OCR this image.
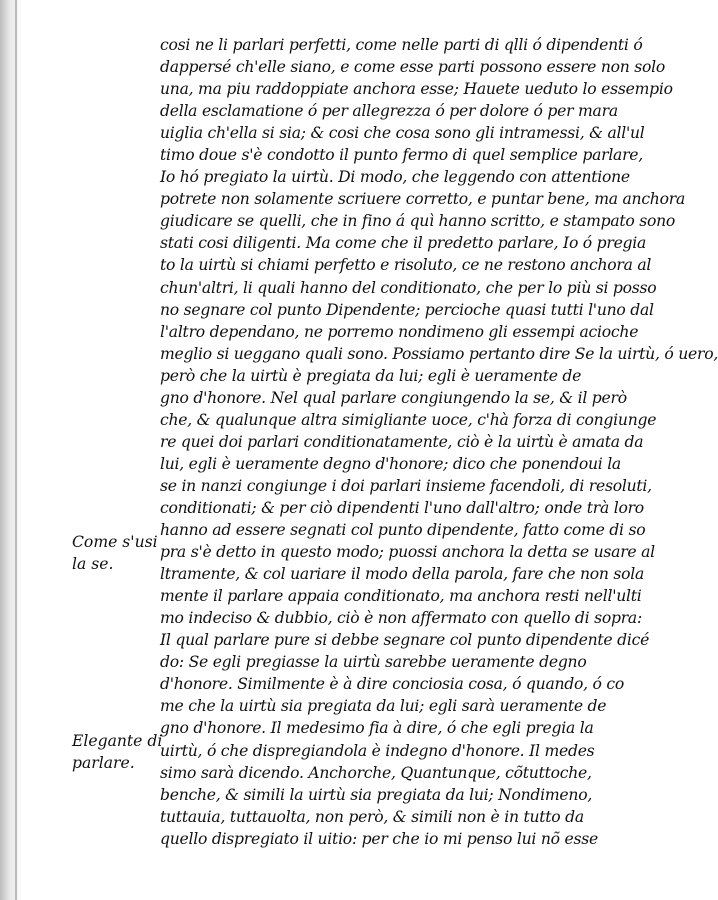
cosi ne li parlari perfetti, come nelle parti di qlli ó dipendenti ó
dappersé ch'elle siano, e come esse parti possono essere non solo
una, ma piu raddoppiate anchora esse; Hauete ueduto lo essempio
della esclamatione ó per allegrezza ó per dolore ó per mara
uiglia ch'ella si sia; & cosi che cosa sono gli intramessi, & all'ul
timo doue s'è condotto il punto fermo di quel semplice parlare,
Io hó pregiato la uirtù. Di modo, che leggendo con attentione
potrete non solamente scriuere corretto, e puntar bene, ma anchora
giudicare se quelli, che in fino á quì hanno scritto, e stampato sono
stati cosi diligenti. Ma come che il predetto parlare, Io ó pregia
to la uirtù si chiami perfetto e risoluto, ce ne restono anchora al
chun'altri, li quali hanno del conditionato, che per lo più si posso
no segnare col punto Dipendente; percioche quasi tutti l'uno dal
l'altro dependano, ne porremo nondimeno gli essempi acioche
meglio si ueggano quali sono. Possiamo pertanto dire Se la uirtù, ó uero,
però che la uirtù è pregiata da lui; egli è ueramente de
gno d'honore. Nel qual parlare congiungendo la se, & il però
che, & qualunque altra simigliante uoce, c'hà forza di congiunge
re quei doi parlari conditionatamente, ciò è la uirtù è amata da
lui, egli è ueramente degno d'honore; dico che ponendoui la
se in nanzi congiunge i doi parlari insieme facendoli, di resoluti,
conditionati; & per ciò dipendenti l'uno dall'altro; onde trà loro
hanno ad essere segnati col punto dipendente, fatto come di so
pra s'è detto in questo modo; puossi anchora la detta se usare al
ltramente, & col uariare il modo della parola, fare che non sola
mente il parlare appaia conditionato, ma anchora resti nell'ulti
mo indeciso & dubbio, ciò è non affermato con quello di sopra:
Il qual parlare pure si debbe segnare col punto dipendente dicé
do: Se egli pregiasse la uirtù sarebbe ueramente degno
d'honore. Similmente è à dire conciosia cosa, ó quando, ó co
me che la uirtù sia pregiata da lui; egli sarà ueramente de
gno d'honore. Il medesimo fia à dire, ó che egli pregia la
uirtù, ó che dispregiandola è indegno d'honore. Il medes
simo sarà dicendo. Anchorche, Quantunque, cõtuttoche,
benche, & simili la uirtù sia pregiata da lui; Nondimeno,
tuttauia, tuttauolta, non però, & simili non è in tutto da
quello dispregiato il uitio: per che io mi penso lui nõ esse
Come s'usi
la se.
Elegante di
parlare.
